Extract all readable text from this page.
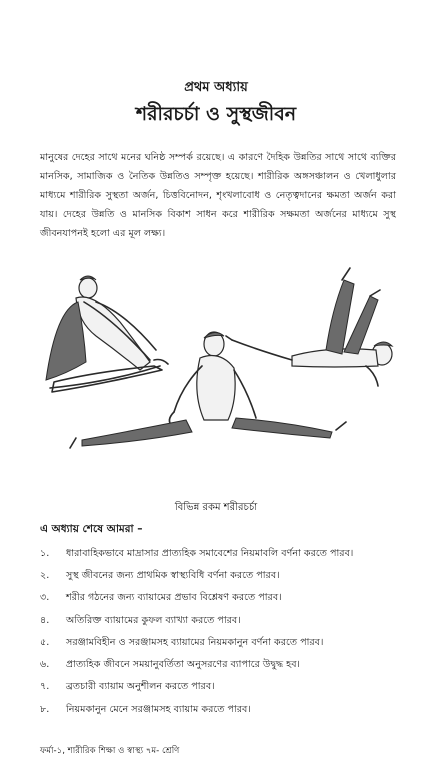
প্রথম অধ্যায়
শরীরচর্চা ও সুস্থজীবন

মানুষের দেহের সাথে মনের ঘনিষ্ঠ সম্পর্ক রয়েছে। এ কারণে দৈহিক উন্নতির সাথে সাথে ব্যক্তির মানসিক, সামাজিক ও নৈতিক উন্নতিও সম্পৃক্ত হয়েছে। শারীরিক অঙ্গসঞ্চালন ও খেলাধুলার মাধ্যমে শারীরিক সুস্থতা অর্জন, চিত্তবিনোদন, শৃংখলাবোধ ও নেতৃত্বদানের ক্ষমতা অর্জন করা যায়। দেহের উন্নতি ও মানসিক বিকাশ সাধন করে শারীরিক সক্ষমতা অর্জনের মাধ্যমে সুস্থ জীবনযাপনই হলো এর মূল লক্ষ্য।

বিভিন্ন রকম শরীরচর্চা
এ অধ্যায় শেষে আমরা –
১.	ধারাবাহিকভাবে মাদ্রাসার প্রাত্যহিক সমাবেশের নিয়মাবলি বর্ণনা করতে পারব।
২.	সুস্থ জীবনের জন্য প্রাথমিক স্বাস্থ্যবিধি বর্ণনা করতে পারব।
৩.	শরীর গঠনের জন্য ব্যায়ামের প্রভাব বিশ্লেষণ করতে পারব।
৪.	অতিরিক্ত ব্যায়ামের কুফল ব্যাখ্যা করতে পারব।
৫.	সরঞ্জামবিহীন ও সরঞ্জামসহ ব্যায়ামের নিয়মকানুন বর্ণনা করতে পারব।
৬.	প্রাত্যহিক জীবনে সময়ানুবর্তিতা অনুসরণের ব্যাপারে উদ্বুদ্ধ হব।
৭.	ব্রতচারী ব্যায়াম অনুশীলন করতে পারব।
৮.	নিয়মকানুন মেনে সরঞ্জামসহ ব্যায়াম করতে পারব।
ফর্মা-১, শারীরিক শিক্ষা ও স্বাস্থ্য ৭ম- শ্রেণি
